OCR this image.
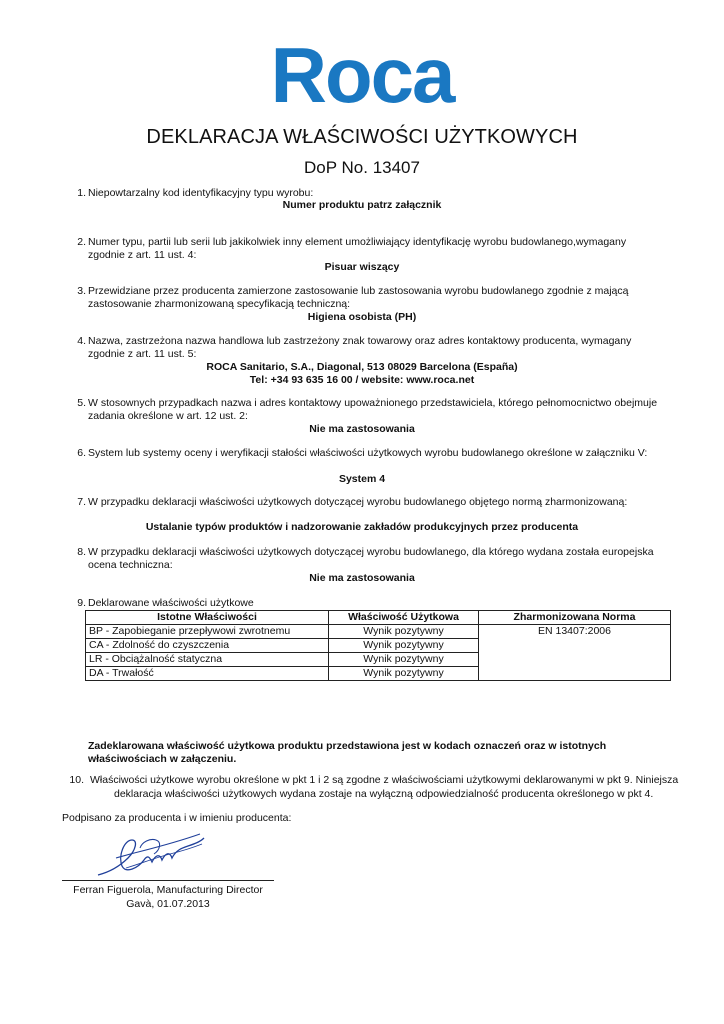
Roca
DEKLARACJA WŁAŚCIWOŚCI UŻYTKOWYCH
DoP No. 13407
1. Niepowtarzalny kod identyfikacyjny typu wyrobu:
Numer produktu patrz załącznik
2. Numer typu, partii lub serii lub jakikolwiek inny element umożliwiający identyfikację wyrobu budowlanego,wymagany zgodnie z art. 11 ust. 4:
Pisuar wiszący
3. Przewidziane przez producenta zamierzone zastosowanie lub zastosowania wyrobu budowlanego zgodnie z mającą zastosowanie zharmonizowaną specyfikacją techniczną:
Higiena osobista (PH)
4. Nazwa, zastrzeżona nazwa handlowa lub zastrzeżony znak towarowy oraz adres kontaktowy producenta, wymagany zgodnie z art. 11 ust. 5:
ROCA Sanitario, S.A., Diagonal, 513 08029 Barcelona (España)
Tel: +34 93 635 16 00 / website: www.roca.net
5. W stosownych przypadkach nazwa i adres kontaktowy upoważnionego przedstawiciela, którego pełnomocnictwo obejmuje zadania określone w art. 12 ust. 2:
Nie ma zastosowania
6. System lub systemy oceny i weryfikacji stałości właściwości użytkowych wyrobu budowlanego określone w załączniku V:
System 4
7. W przypadku deklaracji właściwości użytkowych dotyczącej wyrobu budowlanego objętego normą zharmonizowaną:
Ustalanie typów produktów i nadzorowanie zakładów produkcyjnych przez producenta
8. W przypadku deklaracji właściwości użytkowych dotyczącej wyrobu budowlanego, dla którego wydana została europejska ocena techniczna:
Nie ma zastosowania
9. Deklarowane właściwości użytkowe
Istotne Właściwości	Właściwość Użytkowa	Zharmonizowana Norma
BP - Zapobieganie przepływowi zwrotnemu	Wynik pozytywny	EN 13407:2006
CA - Zdolność do czyszczenia	Wynik pozytywny	
LR - Obciążalność statyczna	Wynik pozytywny	
DA - Trwałość	Wynik pozytywny	
Zadeklarowana właściwość użytkowa produktu przedstawiona jest w kodach oznaczeń oraz w istotnych właściwościach w załączeniu.
10. Właściwości użytkowe wyrobu określone w pkt 1 i 2 są zgodne z właściwościami użytkowymi deklarowanymi w pkt 9. Niniejsza
deklaracja właściwości użytkowych wydana zostaje na wyłączną odpowiedzialność producenta określonego w pkt 4.
Podpisano za producenta i w imieniu producenta:
Ferran Figuerola, Manufacturing Director
Gavà, 01.07.2013
